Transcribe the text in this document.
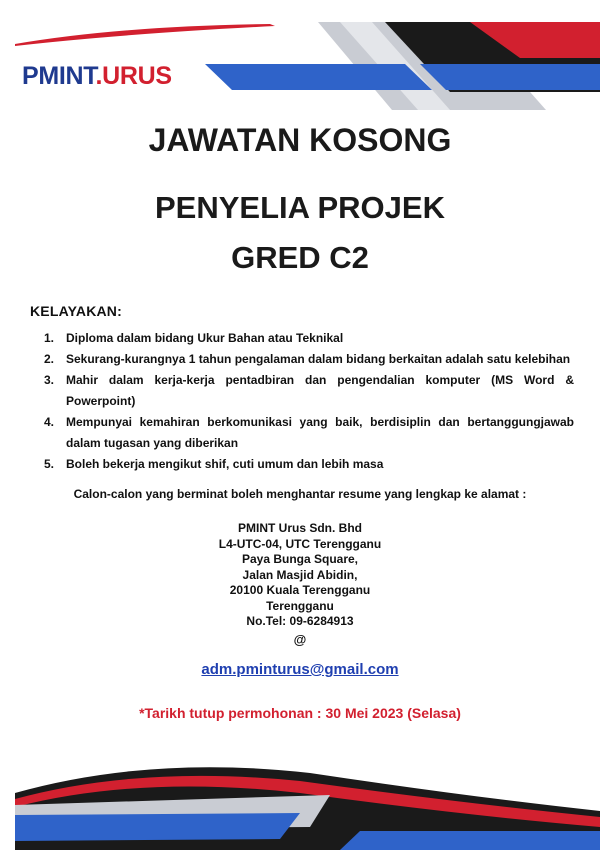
PMINT.URUS
JAWATAN KOSONG
PENYELIA PROJEK
GRED C2
KELAYAKAN:
1. Diploma dalam bidang Ukur Bahan atau Teknikal
2. Sekurang-kurangnya 1 tahun pengalaman dalam bidang berkaitan adalah satu kelebihan
3. Mahir dalam kerja-kerja pentadbiran dan pengendalian komputer (MS Word & Powerpoint)
4. Mempunyai kemahiran berkomunikasi yang baik, berdisiplin dan bertanggungjawab dalam tugasan yang diberikan
5. Boleh bekerja mengikut shif, cuti umum dan lebih masa
Calon-calon yang berminat boleh menghantar resume yang lengkap ke alamat :
PMINT Urus Sdn. Bhd
L4-UTC-04, UTC Terengganu
Paya Bunga Square,
Jalan Masjid Abidin,
20100 Kuala Terengganu
Terengganu
No.Tel: 09-6284913
@
adm.pminturus@gmail.com
*Tarikh tutup permohonan : 30 Mei 2023 (Selasa)
